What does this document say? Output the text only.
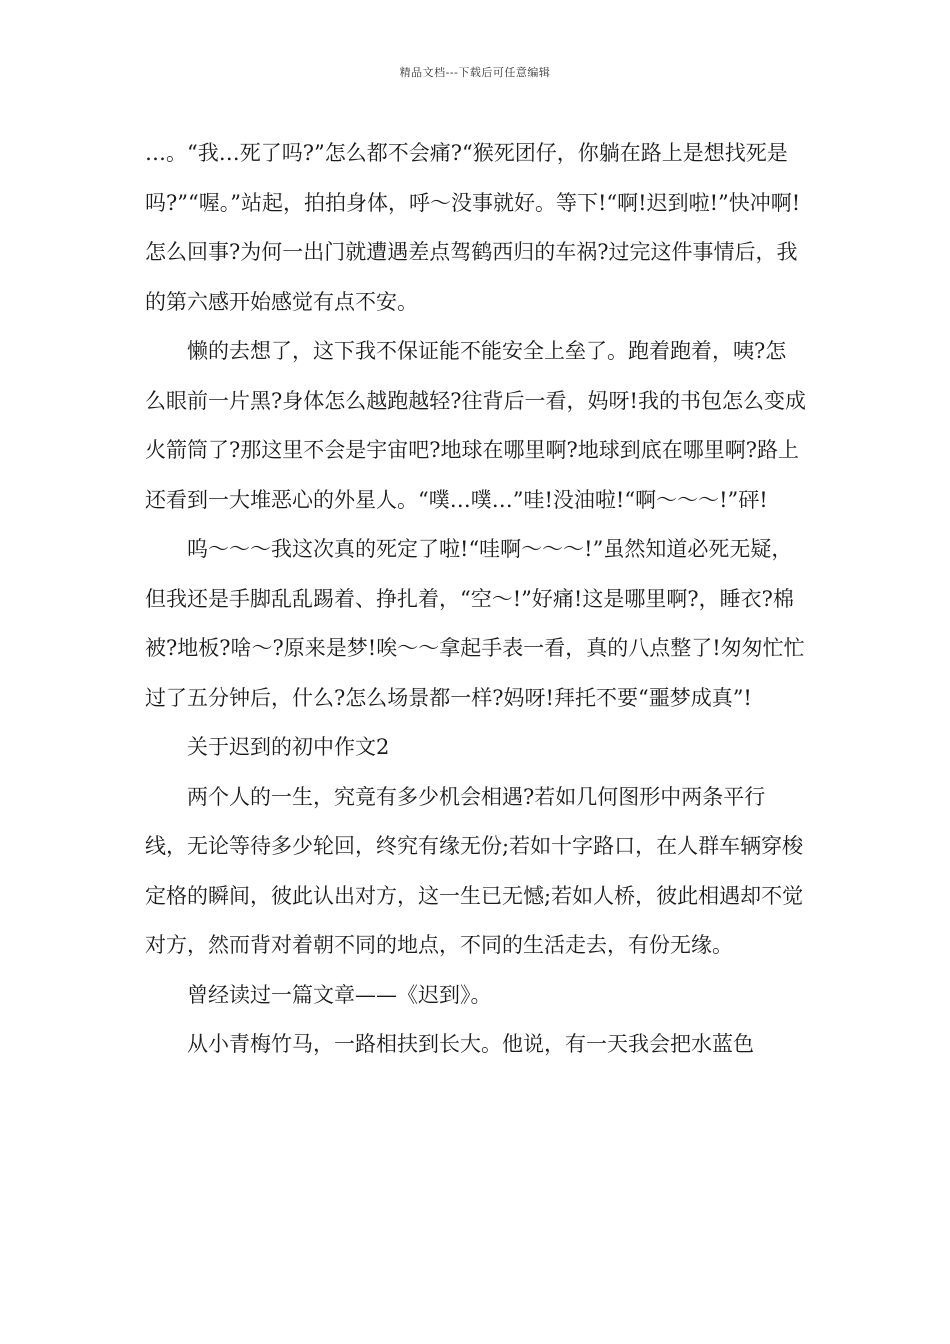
精品文档---下载后可任意编辑

…。“我…死了吗?”怎么都不会痛?“猴死团仔，你躺在路上是想找死是吗?”“喔。”站起，拍拍身体，呼～没事就好。等下!“啊!迟到啦!”快冲啊!怎么回事?为何一出门就遭遇差点驾鹤西归的车祸?过完这件事情后，我的第六感开始感觉有点不安。

懒的去想了，这下我不保证能不能安全上垒了。跑着跑着，咦?怎么眼前一片黑?身体怎么越跑越轻?往背后一看，妈呀!我的书包怎么变成火箭筒了?那这里不会是宇宙吧?地球在哪里啊?地球到底在哪里啊?路上还看到一大堆恶心的外星人。“噗…噗…”哇!没油啦!“啊～～～!”砰!

呜～～～我这次真的死定了啦!“哇啊～～～!”虽然知道必死无疑，但我还是手脚乱乱踢着、挣扎着，“空～!”好痛!这是哪里啊?，睡衣?棉被?地板?啥～?原来是梦!唉～～拿起手表一看，真的八点整了!匆匆忙忙过了五分钟后，什么?怎么场景都一样?妈呀!拜托不要“噩梦成真”!

关于迟到的初中作文2

两个人的一生，究竟有多少机会相遇?若如几何图形中两条平行线，无论等待多少轮回，终究有缘无份;若如十字路口，在人群车辆穿梭定格的瞬间，彼此认出对方，这一生已无憾;若如人桥，彼此相遇却不觉对方，然而背对着朝不同的地点，不同的生活走去，有份无缘。

曾经读过一篇文章——《迟到》。

从小青梅竹马，一路相扶到长大。他说，有一天我会把水蓝色
